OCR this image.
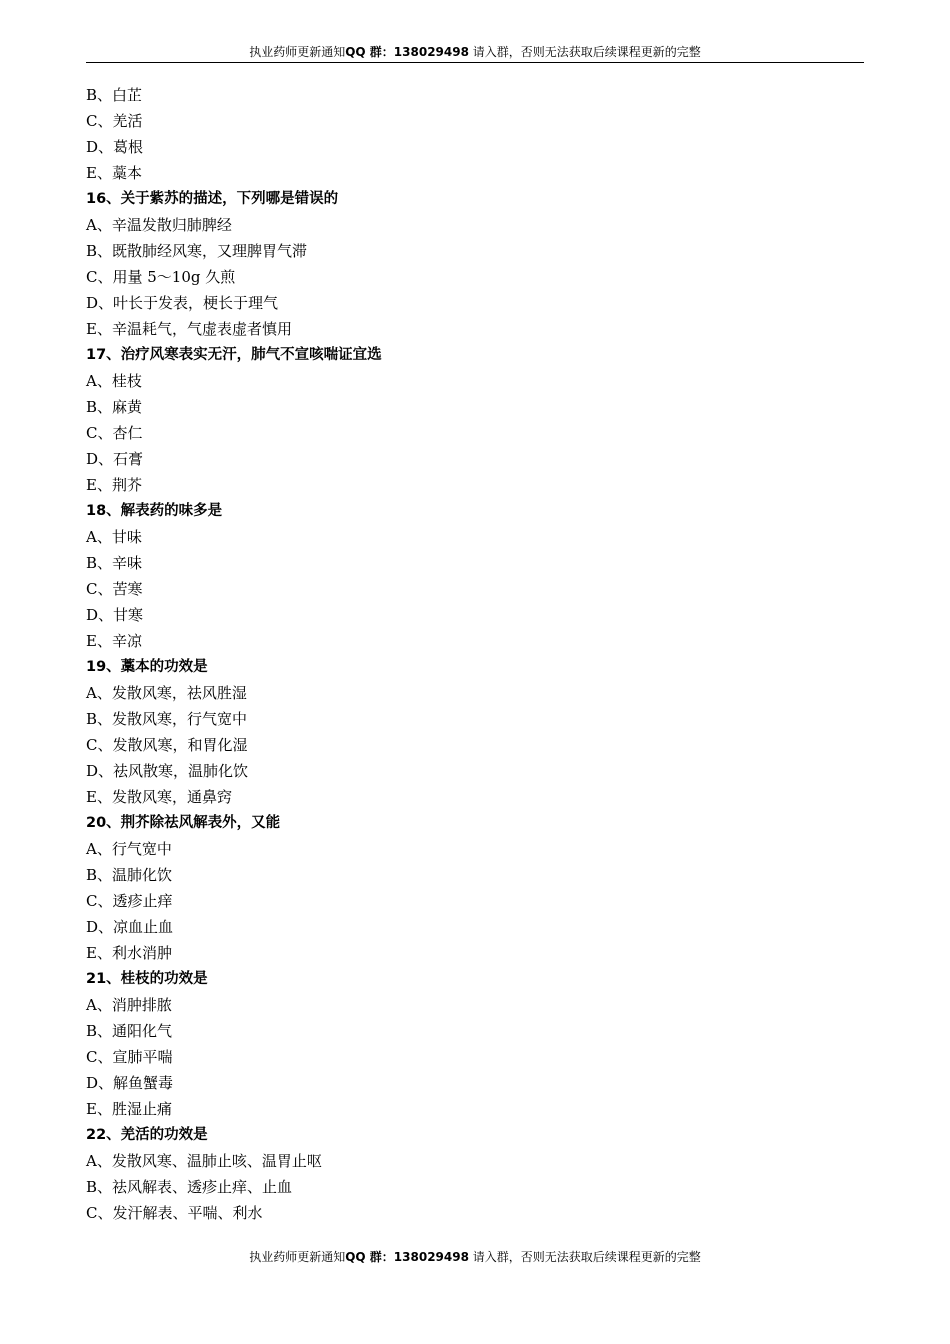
执业药师更新通知QQ 群：138029498 请入群，否则无法获取后续课程更新的完整
B、白芷
C、羌活
D、葛根
E、藁本
16、关于紫苏的描述，下列哪是错误的
A、辛温发散归肺脾经
B、既散肺经风寒，又理脾胃气滞
C、用量 5～10g 久煎
D、叶长于发表，梗长于理气
E、辛温耗气，气虚表虚者慎用
17、治疗风寒表实无汗，肺气不宣咳喘证宜选
A、桂枝
B、麻黄
C、杏仁
D、石膏
E、荆芥
18、解表药的味多是
A、甘味
B、辛味
C、苦寒
D、甘寒
E、辛凉
19、藁本的功效是
A、发散风寒，祛风胜湿
B、发散风寒，行气宽中
C、发散风寒，和胃化湿
D、祛风散寒，温肺化饮
E、发散风寒，通鼻窍
20、荆芥除祛风解表外，又能
A、行气宽中
B、温肺化饮
C、透疹止痒
D、凉血止血
E、利水消肿
21、桂枝的功效是
A、消肿排脓
B、通阳化气
C、宣肺平喘
D、解鱼蟹毒
E、胜湿止痛
22、羌活的功效是
A、发散风寒、温肺止咳、温胃止呕
B、祛风解表、透疹止痒、止血
C、发汗解表、平喘、利水
执业药师更新通知QQ 群：138029498 请入群，否则无法获取后续课程更新的完整
